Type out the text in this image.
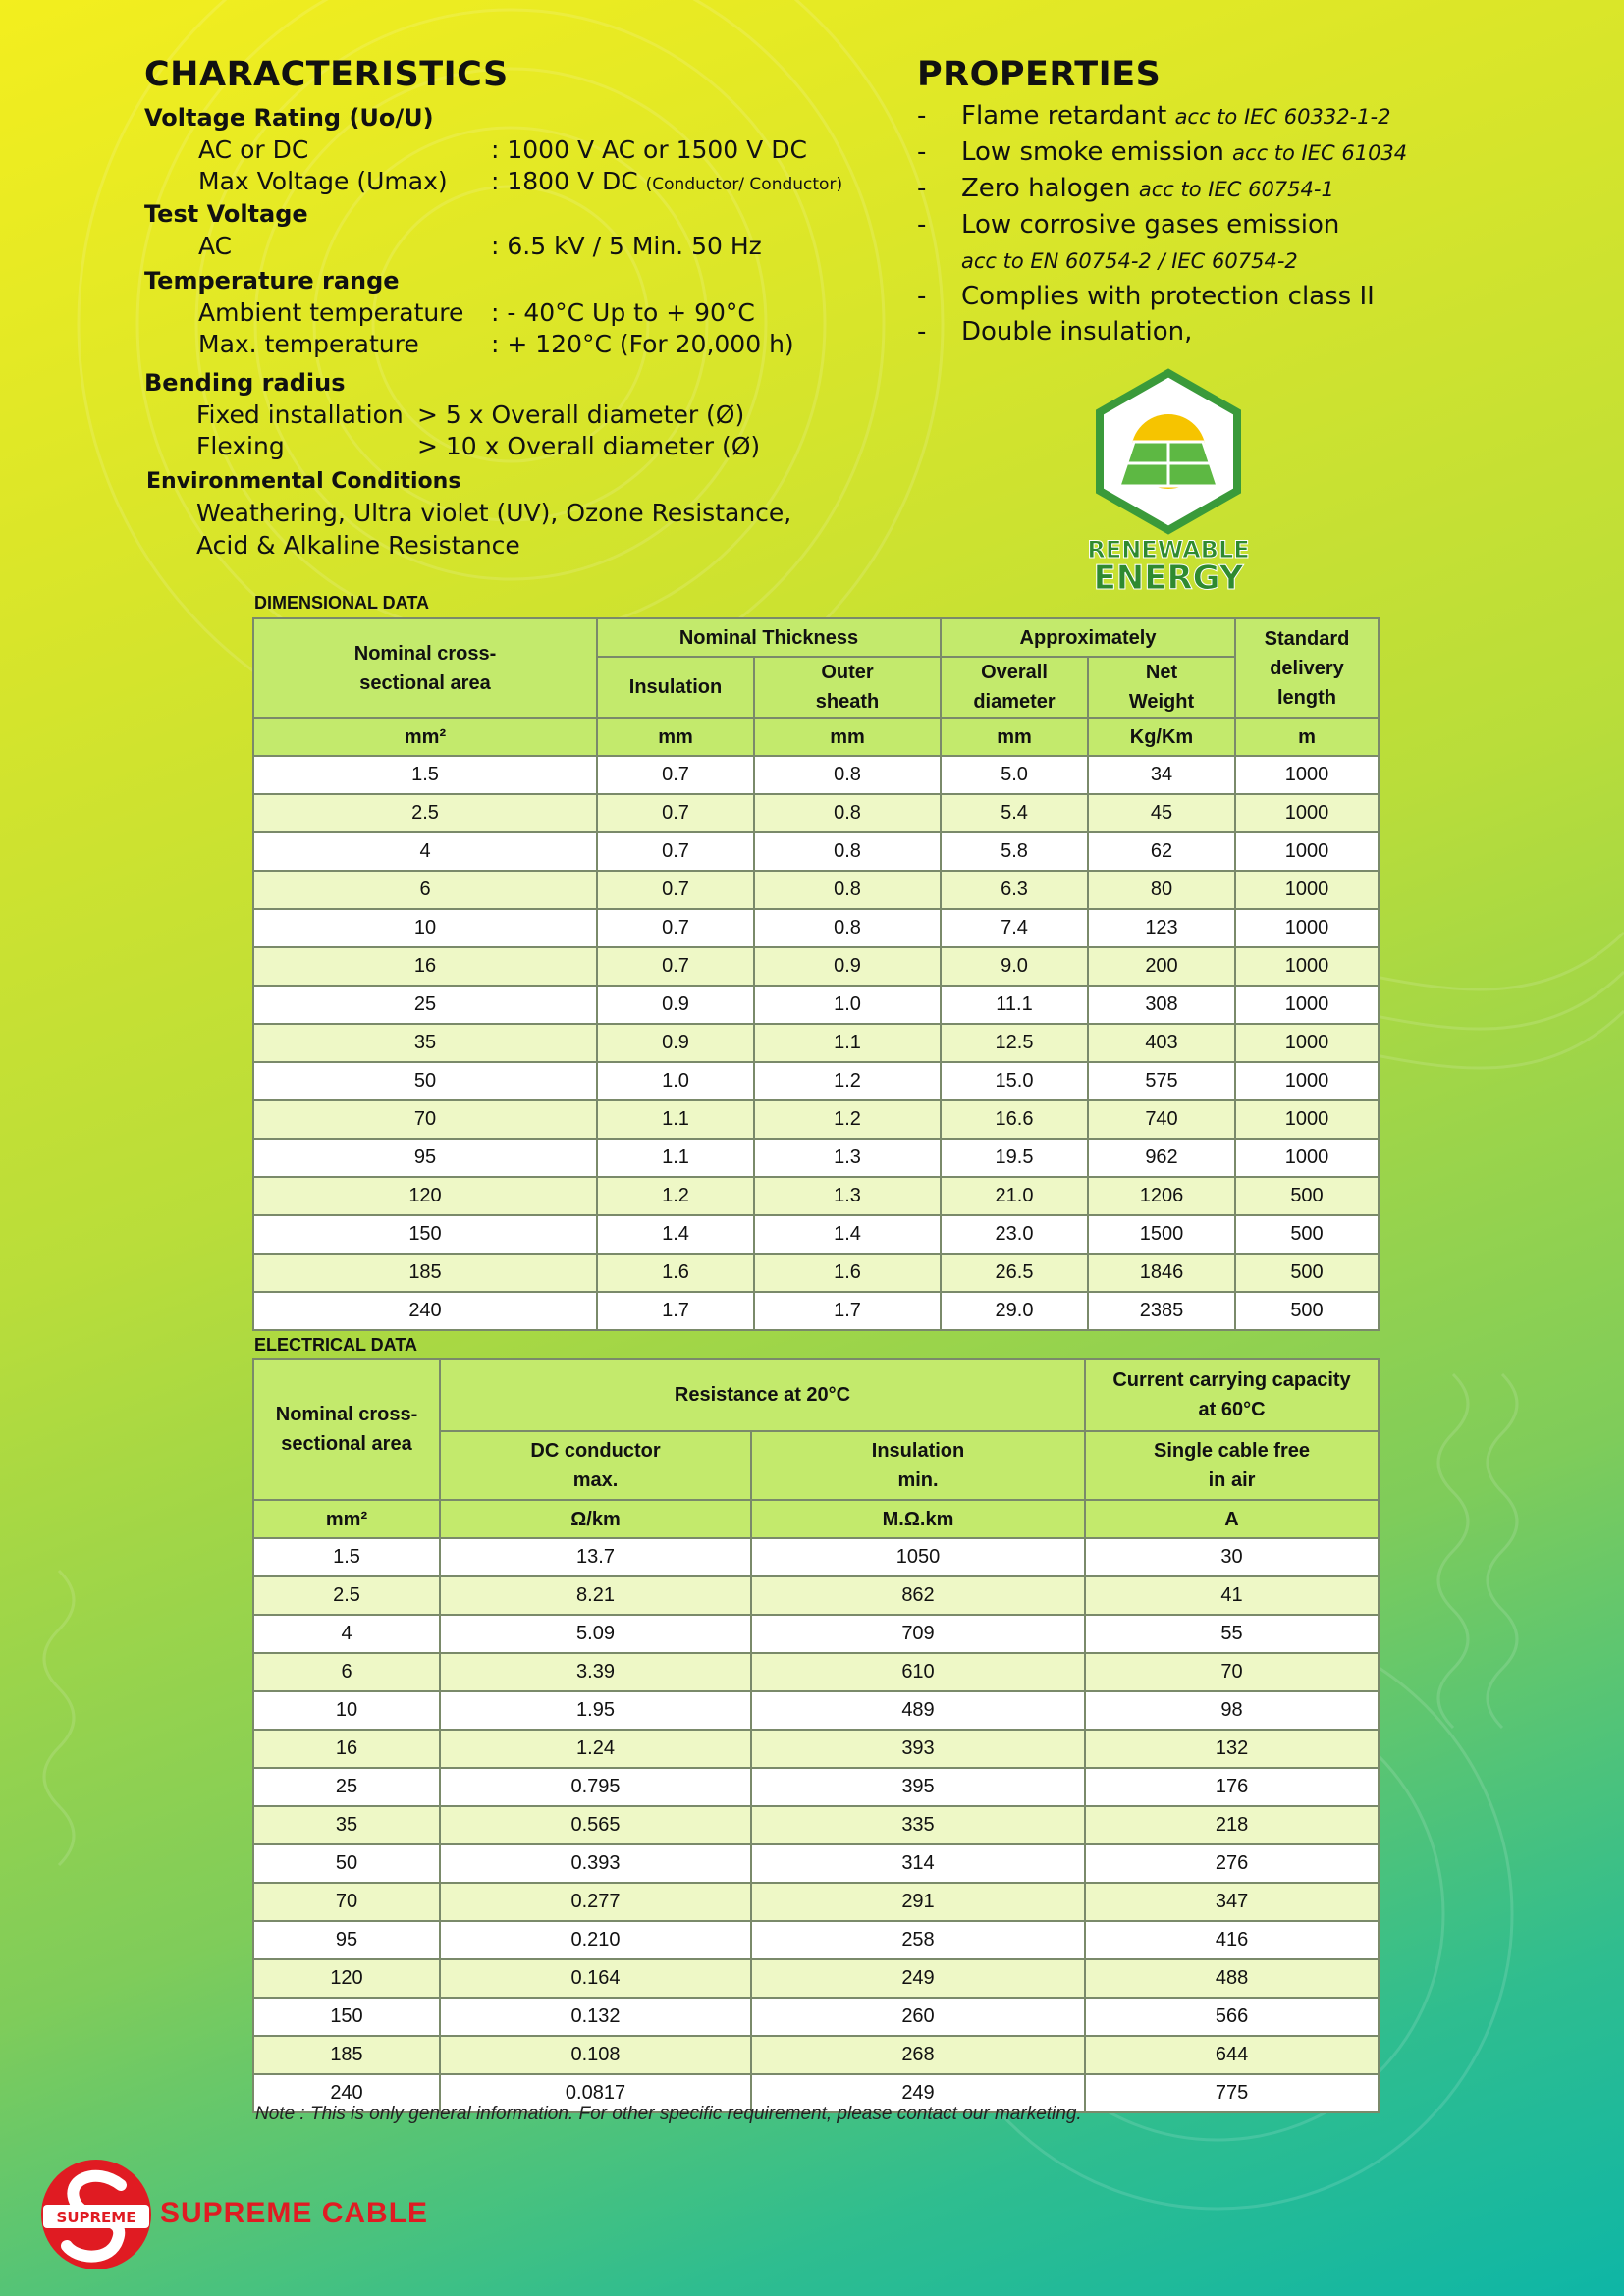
CHARACTERISTICS
Voltage Rating (Uo/U)
AC or DC	: 1000 V AC or 1500 V DC
Max Voltage (Umax) : 1800 V DC (Conductor/ Conductor)
Test Voltage
AC	: 6.5 kV / 5 Min. 50 Hz
Temperature range
Ambient temperature : - 40°C Up to + 90°C
Max. temperature	: + 120°C (For 20,000 h)
Bending radius
Fixed installation > 5 x Overall diameter (Ø)
Flexing	> 10 x Overall diameter (Ø)
Environmental Conditions
Weathering, Ultra violet (UV), Ozone Resistance,
Acid & Alkaline Resistance
PROPERTIES
- Flame retardant acc to IEC 60332-1-2
- Low smoke emission acc to IEC 61034
- Zero halogen acc to IEC 60754-1
- Low corrosive gases emission
acc to EN 60754-2 / IEC 60754-2
- Complies with protection class II
- Double insulation,
RENEWABLE
ENERGY
DIMENSIONAL DATA
Nominal cross-sectional area	Nominal Thickness		Approximately		Standard delivery length
	Insulation	Outer sheath	Overall diameter	Net Weight	
mm²	mm	mm	mm	Kg/Km	m
1.5	0.7	0.8	5.0	34	1000
2.5	0.7	0.8	5.4	45	1000
4	0.7	0.8	5.8	62	1000
6	0.7	0.8	6.3	80	1000
10	0.7	0.8	7.4	123	1000
16	0.7	0.9	9.0	200	1000
25	0.9	1.0	11.1	308	1000
35	0.9	1.1	12.5	403	1000
50	1.0	1.2	15.0	575	1000
70	1.1	1.2	16.6	740	1000
95	1.1	1.3	19.5	962	1000
120	1.2	1.3	21.0	1206	500
150	1.4	1.4	23.0	1500	500
185	1.6	1.6	26.5	1846	500
240	1.7	1.7	29.0	2385	500
ELECTRICAL DATA
Nominal cross-sectional area	Resistance at 20°C		Current carrying capacity at 60°C
	DC conductor max.	Insulation min.	Single cable free in air
mm²	Ω/km	M.Ω.km	A
1.5	13.7	1050	30
2.5	8.21	862	41
4	5.09	709	55
6	3.39	610	70
10	1.95	489	98
16	1.24	393	132
25	0.795	395	176
35	0.565	335	218
50	0.393	314	276
70	0.277	291	347
95	0.210	258	416
120	0.164	249	488
150	0.132	260	566
185	0.108	268	644
240	0.0817	249	775
Note : This is only general information. For other specific requirement, please contact our marketing.
SUPREME SUPREME CABLE
